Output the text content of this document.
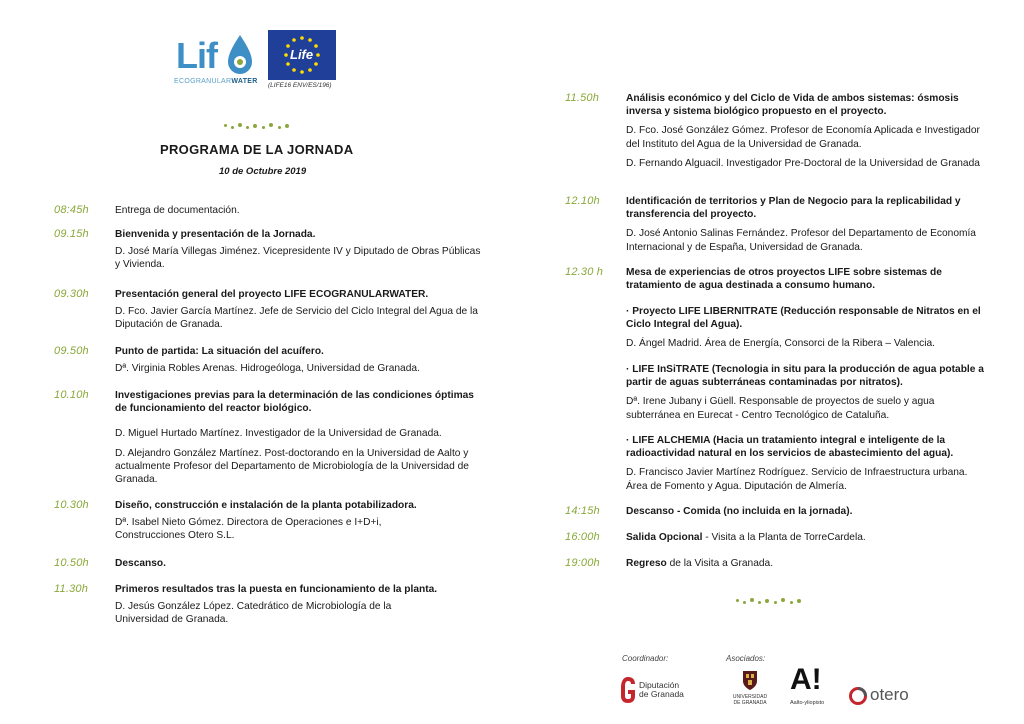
Lif
ECOGRANULARWATER
Life
(LIFE16 ENV/ES/196)
PROGRAMA DE LA JORNADA
10 de Octubre 2019
08:45h	Entrega de documentación.
09.15h	Bienvenida y presentación de la Jornada.
D. José María Villegas Jiménez. Vicepresidente IV y Diputado de Obras Públicas y Vivienda.
09.30h	Presentación general del proyecto LIFE ECOGRANULARWATER.
D. Fco. Javier García Martínez. Jefe de Servicio del Ciclo Integral del Agua de la Diputación de Granada.
09.50h	Punto de partida: La situación del acuífero.
Dª. Virginia Robles Arenas. Hidrogeóloga, Universidad de Granada.
10.10h	Investigaciones previas para la determinación de las condiciones óptimas de funcionamiento del reactor biológico.
D. Miguel Hurtado Martínez. Investigador de la Universidad de Granada.
D. Alejandro González Martínez. Post-doctorando en la Universidad de Aalto y actualmente Profesor del Departamento de Microbiología de la Universidad de Granada.
10.30h	Diseño, construcción e instalación de la planta potabilizadora.
Dª. Isabel Nieto Gómez. Directora de Operaciones e I+D+i, Construcciones Otero S.L.
10.50h	Descanso.
11.30h	Primeros resultados tras la puesta en funcionamiento de la planta.
D. Jesús González López. Catedrático de Microbiología de la Universidad de Granada.
11.50h	Análisis económico y del Ciclo de Vida de ambos sistemas: ósmosis inversa y sistema biológico propuesto en el proyecto.
D. Fco. José González Gómez. Profesor de Economía Aplicada e Investigador del Instituto del Agua de la Universidad de Granada.
D. Fernando Alguacil. Investigador Pre-Doctoral de la Universidad de Granada
12.10h	Identificación de territorios y Plan de Negocio para la replicabilidad y transferencia del proyecto.
D. José Antonio Salinas Fernández. Profesor del Departamento de Economía Internacional y de España, Universidad de Granada.
12.30 h Mesa de experiencias de otros proyectos LIFE sobre sistemas de tratamiento de agua destinada a consumo humano.
· Proyecto LIFE LIBERNITRATE (Reducción responsable de Nitratos en el Ciclo Integral del Agua).
D. Ángel Madrid. Área de Energía, Consorci de la Ribera – Valencia.
· LIFE InSiTRATE (Tecnologia in situ para la producción de agua potable a partir de aguas subterráneas contaminadas por nitratos).
Dª. Irene Jubany i Güell. Responsable de proyectos de suelo y agua subterránea en Eurecat - Centro Tecnológico de Cataluña.
· LIFE ALCHEMIA (Hacia un tratamiento integral e inteligente de la radioactividad natural en los servicios de abastecimiento del agua).
D. Francisco Javier Martínez Rodríguez. Servicio de Infraestructura urbana. Área de Fomento y Agua. Diputación de Almería.
14:15h	Descanso - Comida (no incluida en la jornada).
16:00h	Salida Opcional - Visita a la Planta de TorreCardela.
19:00h	Regreso de la Visita a Granada.
Coordinador:	Asociados:
Diputación
de Granada	UNIVERSIDAD
DE GRANADA
A!
Aalto-yliopisto	otero
